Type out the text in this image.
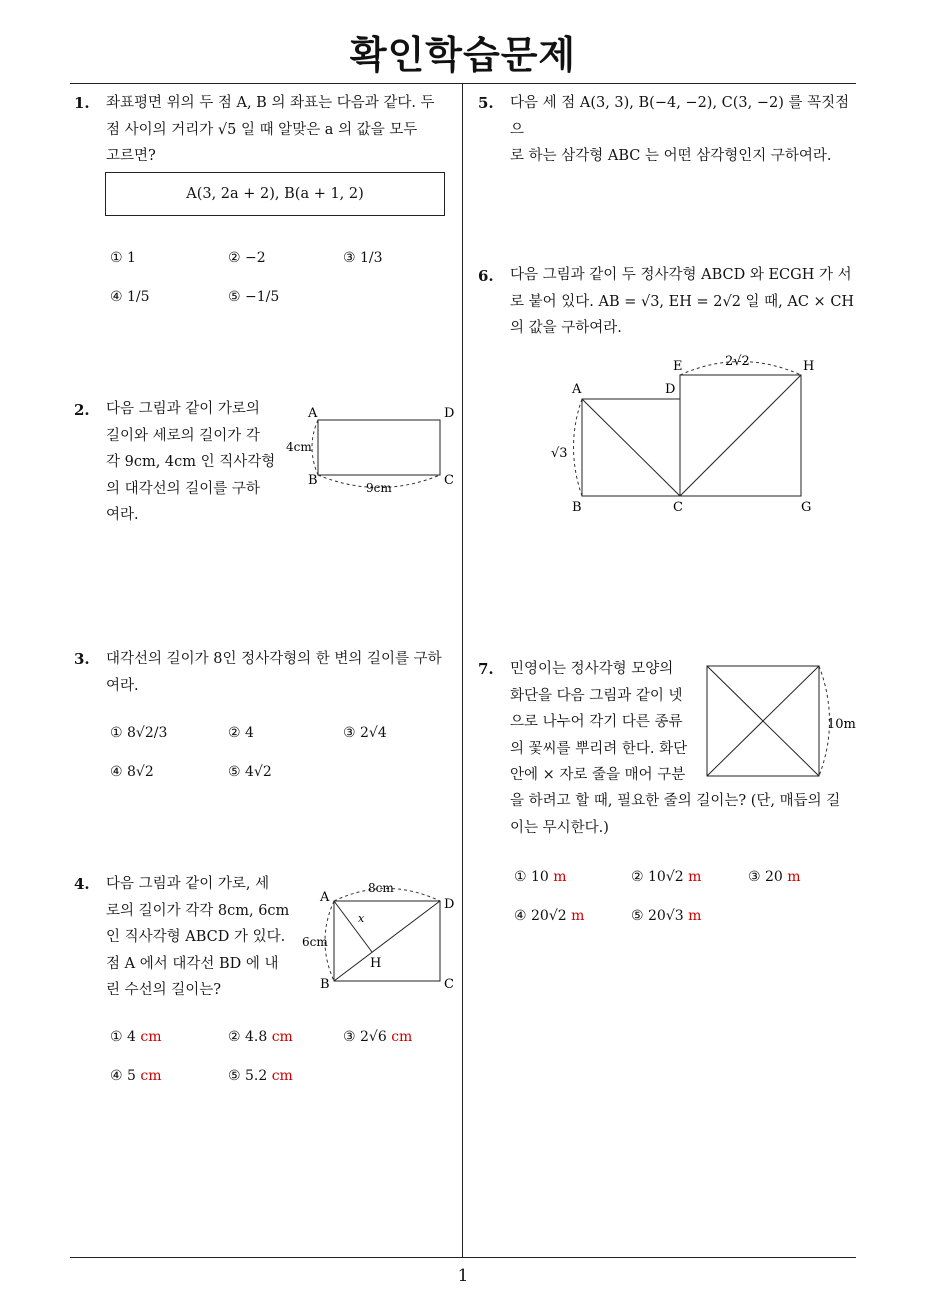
확인학습문제
1
1. 좌표평면 위의 두 점 A, B 의 좌표는 다음과 같다. 두
점 사이의 거리가 √5 일 때 알맞은 a 의 값을 모두
고르면?
A(3, 2a + 2), B(a + 1, 2)
① 1	② −2	③ 1/3
④ 1/5	⑤ −1/5
2. 다음 그림과 같이 가로의
길이와 세로의 길이가 각
각 9cm, 4cm 인 직사각형
의 대각선의 길이를 구하
여라.
A	D
B	C
4cm
9cm
3. 대각선의 길이가 8인 정사각형의 한 변의 길이를 구하
여라.
① 8√2/3	② 4	③ 2√4
④ 8√2	⑤ 4√2
4. 다음 그림과 같이 가로, 세
로의 길이가 각각 8cm, 6cm
인 직사각형 ABCD 가 있다.
점 A 에서 대각선 BD 에 내
린 수선의 길이는?
A	D
B	C
H
x
8cm
6cm
① 4 cm	② 4.8 cm	③ 2√6 cm
④ 5 cm	⑤ 5.2 cm
5. 다음 세 점 A(3, 3), B(−4, −2), C(3, −2) 를 꼭짓점으
로 하는 삼각형 ABC 는 어떤 삼각형인지 구하여라.
6. 다음 그림과 같이 두 정사각형 ABCD 와 ECGH 가 서
로 붙어 있다. AB = √3, EH = 2√2 일 때, AC × CH
의 값을 구하여라.
A	D
E	H
B	C	G
2√2
√3
7. 민영이는 정사각형 모양의
화단을 다음 그림과 같이 넷
으로 나누어 각기 다른 종류
의 꽃씨를 뿌리려 한다. 화단
안에 × 자로 줄을 매어 구분
을 하려고 할 때, 필요한 줄의 길이는? (단, 매듭의 길
이는 무시한다.)
10m
① 10 m	② 10√2 m	③ 20 m
④ 20√2 m	⑤ 20√3 m
